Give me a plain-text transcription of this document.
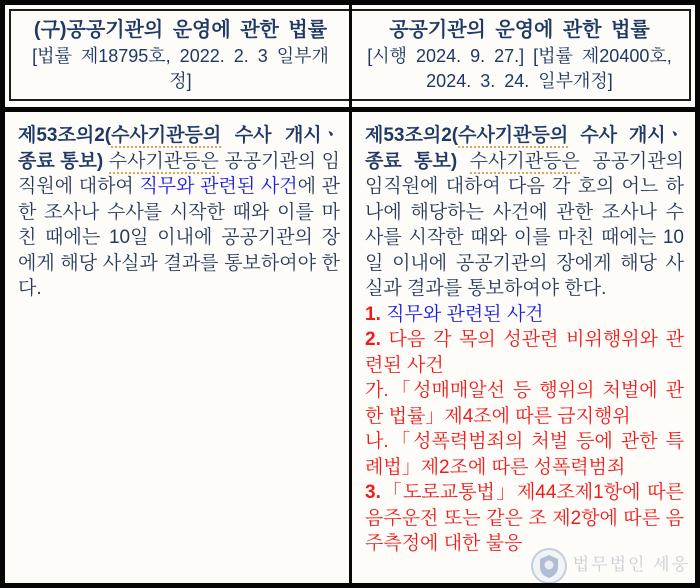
(구)공공기관의 운영에 관한 법률
[법률 제18795호, 2022. 2. 3 일부개정]
공공기관의 운영에 관한 법률
[시행 2024. 9. 27.] [법률 제20400호, 2024. 3. 24. 일부개정]
제53조의2(수사기관등의 수사 개시ㆍ종료 통보) 수사기관등은 공공기관의 임직원에 대하여 직무와 관련된 사건에 관한 조사나 수사를 시작한 때와 이를 마친 때에는 10일 이내에 공공기관의 장에게 해당 사실과 결과를 통보하여야 한다.
제53조의2(수사기관등의 수사 개시ㆍ종료 통보) 수사기관등은 공공기관의 임직원에 대하여 다음 각 호의 어느 하나에 해당하는 사건에 관한 조사나 수사를 시작한 때와 이를 마친 때에는 10일 이내에 공공기관의 장에게 해당 사실과 결과를 통보하여야 한다.
1. 직무와 관련된 사건
2. 다음 각 목의 성관련 비위행위와 관련된 사건
가.「성매매알선 등 행위의 처벌에 관한 법률」제4조에 따른 금지행위
나.「성폭력범죄의 처벌 등에 관한 특례법」제2조에 따른 성폭력범죄
3.「도로교통법」제44조제1항에 따른 음주운전 또는 같은 조 제2항에 따른 음주측정에 대한 불응
법무법인 세웅
